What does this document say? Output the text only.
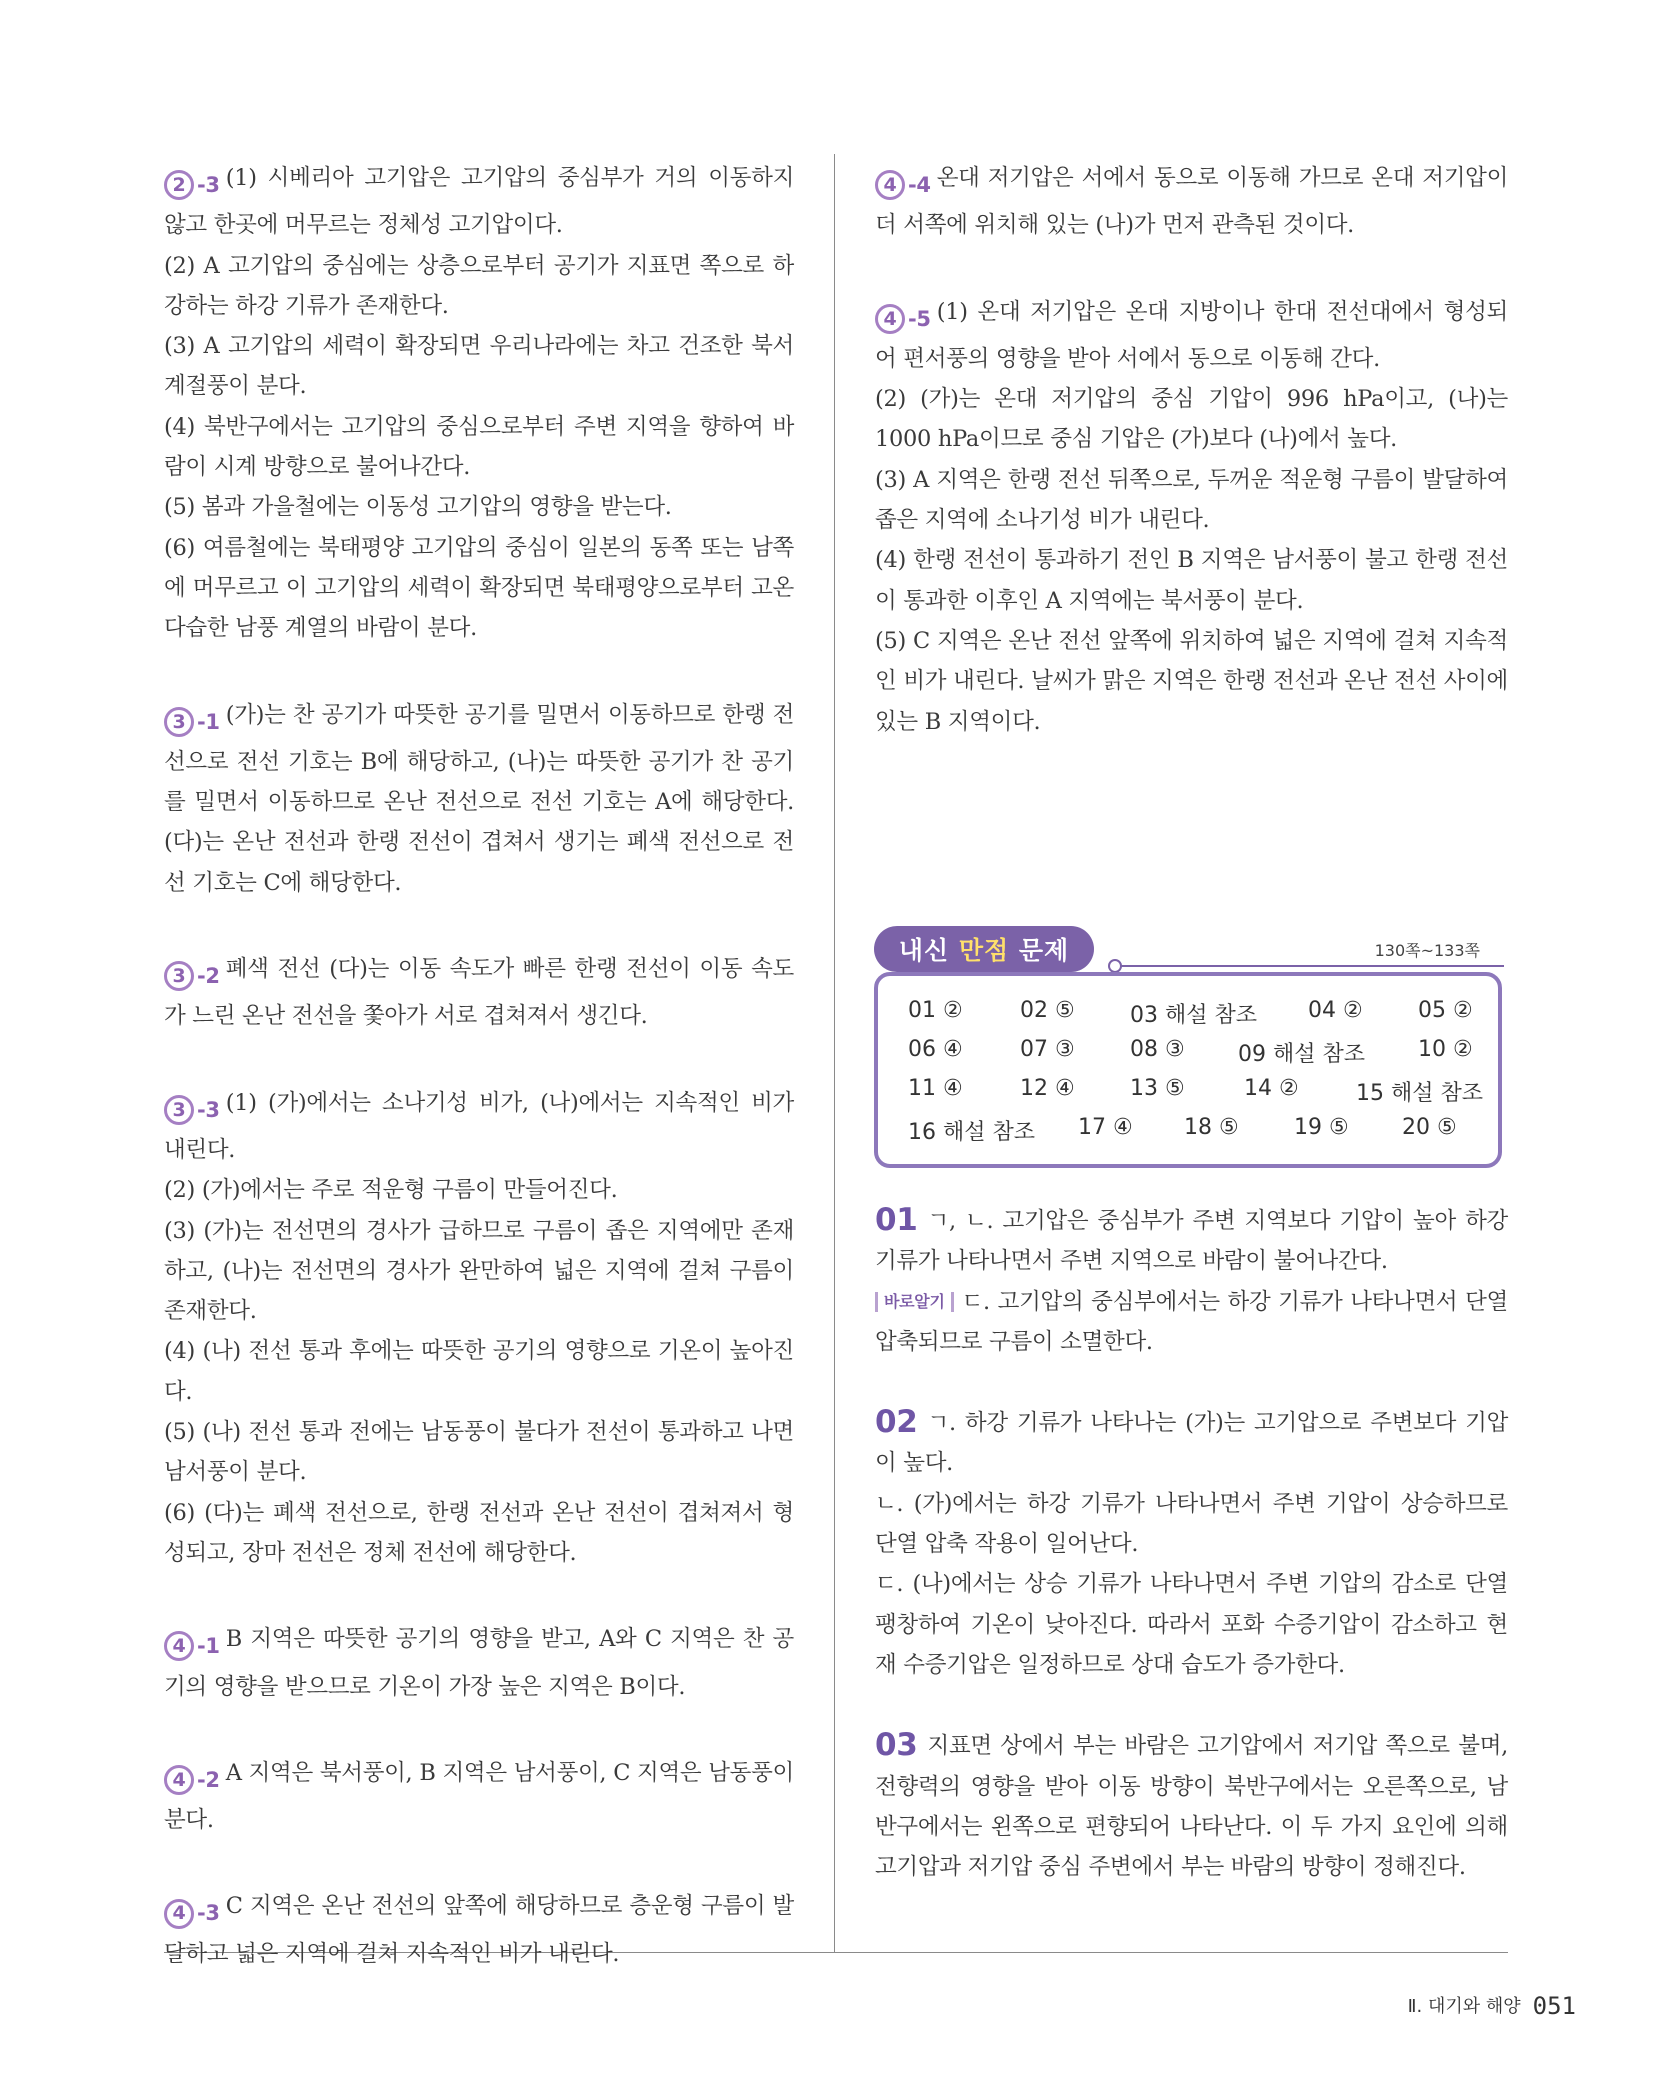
2 -3 (1) 시베리아 고기압은 고기압의 중심부가 거의 이동하지 않고 한곳에 머무르는 정체성 고기압이다.

(2) A 고기압의 중심에는 상층으로부터 공기가 지표면 쪽으로 하강하는 하강 기류가 존재한다.

(3) A 고기압의 세력이 확장되면 우리나라에는 차고 건조한 북서 계절풍이 분다.

(4) 북반구에서는 고기압의 중심으로부터 주변 지역을 향하여 바람이 시계 방향으로 불어나간다.

(5) 봄과 가을철에는 이동성 고기압의 영향을 받는다.

(6) 여름철에는 북태평양 고기압의 중심이 일본의 동쪽 또는 남쪽에 머무르고 이 고기압의 세력이 확장되면 북태평양으로부터 고온 다습한 남풍 계열의 바람이 분다.

3 -1 (가)는 찬 공기가 따뜻한 공기를 밀면서 이동하므로 한랭 전선으로 전선 기호는 B에 해당하고, (나)는 따뜻한 공기가 찬 공기를 밀면서 이동하므로 온난 전선으로 전선 기호는 A에 해당한다. (다)는 온난 전선과 한랭 전선이 겹쳐서 생기는 폐색 전선으로 전선 기호는 C에 해당한다.

3 -2 폐색 전선 (다)는 이동 속도가 빠른 한랭 전선이 이동 속도가 느린 온난 전선을 쫓아가 서로 겹쳐져서 생긴다.

3 -3 (1) (가)에서는 소나기성 비가, (나)에서는 지속적인 비가 내린다.

(2) (가)에서는 주로 적운형 구름이 만들어진다.

(3) (가)는 전선면의 경사가 급하므로 구름이 좁은 지역에만 존재하고, (나)는 전선면의 경사가 완만하여 넓은 지역에 걸쳐 구름이 존재한다.

(4) (나) 전선 통과 후에는 따뜻한 공기의 영향으로 기온이 높아진다.

(5) (나) 전선 통과 전에는 남동풍이 불다가 전선이 통과하고 나면 남서풍이 분다.

(6) (다)는 폐색 전선으로, 한랭 전선과 온난 전선이 겹쳐져서 형성되고, 장마 전선은 정체 전선에 해당한다.

4 -1 B 지역은 따뜻한 공기의 영향을 받고, A와 C 지역은 찬 공기의 영향을 받으므로 기온이 가장 높은 지역은 B이다.

4 -2 A 지역은 북서풍이, B 지역은 남서풍이, C 지역은 남동풍이 분다.

4 -3 C 지역은 온난 전선의 앞쪽에 해당하므로 층운형 구름이 발달하고 넓은 지역에 걸쳐 지속적인 비가 내린다.

4 -4 온대 저기압은 서에서 동으로 이동해 가므로 온대 저기압이 더 서쪽에 위치해 있는 (나)가 먼저 관측된 것이다.

4 -5 (1) 온대 저기압은 온대 지방이나 한대 전선대에서 형성되어 편서풍의 영향을 받아 서에서 동으로 이동해 간다.

(2) (가)는 온대 저기압의 중심 기압이 996 hPa이고, (나)는 1000 hPa이므로 중심 기압은 (가)보다 (나)에서 높다.

(3) A 지역은 한랭 전선 뒤쪽으로, 두꺼운 적운형 구름이 발달하여 좁은 지역에 소나기성 비가 내린다.

(4) 한랭 전선이 통과하기 전인 B 지역은 남서풍이 불고 한랭 전선이 통과한 이후인 A 지역에는 북서풍이 분다.

(5) C 지역은 온난 전선 앞쪽에 위치하여 넓은 지역에 걸쳐 지속적인 비가 내린다. 날씨가 맑은 지역은 한랭 전선과 온난 전선 사이에 있는 B 지역이다.

내신
만점
문제	130쪽~133쪽
01 ②	02 ⑤	03 해설 참조 04 ②	05 ②
06 ④	07 ③	08 ③ 09 해설 참조 10 ②
11 ④	12 ④	13 ⑤	14 ②	15 해설 참조
16 해설 참조 17 ④ 18 ⑤	19 ⑤ 20 ⑤

01 ㄱ, ㄴ. 고기압은 중심부가 주변 지역보다 기압이 높아 하강 기류가 나타나면서 주변 지역으로 바람이 불어나간다.

바로알기 ㄷ. 고기압의 중심부에서는 하강 기류가 나타나면서 단열 압축되므로 구름이 소멸한다.

02 ㄱ. 하강 기류가 나타나는 (가)는 고기압으로 주변보다 기압이 높다.

ㄴ. (가)에서는 하강 기류가 나타나면서 주변 기압이 상승하므로 단열 압축 작용이 일어난다.

ㄷ. (나)에서는 상승 기류가 나타나면서 주변 기압의 감소로 단열 팽창하여 기온이 낮아진다. 따라서 포화 수증기압이 감소하고 현재 수증기압은 일정하므로 상대 습도가 증가한다.

03 지표면 상에서 부는 바람은 고기압에서 저기압 쪽으로 불며, 전향력의 영향을 받아 이동 방향이 북반구에서는 오른쪽으로, 남반구에서는 왼쪽으로 편향되어 나타난다. 이 두 가지 요인에 의해 고기압과 저기압 중심 주변에서 부는 바람의 방향이 정해진다.

Ⅱ. 대기와 해양 051
